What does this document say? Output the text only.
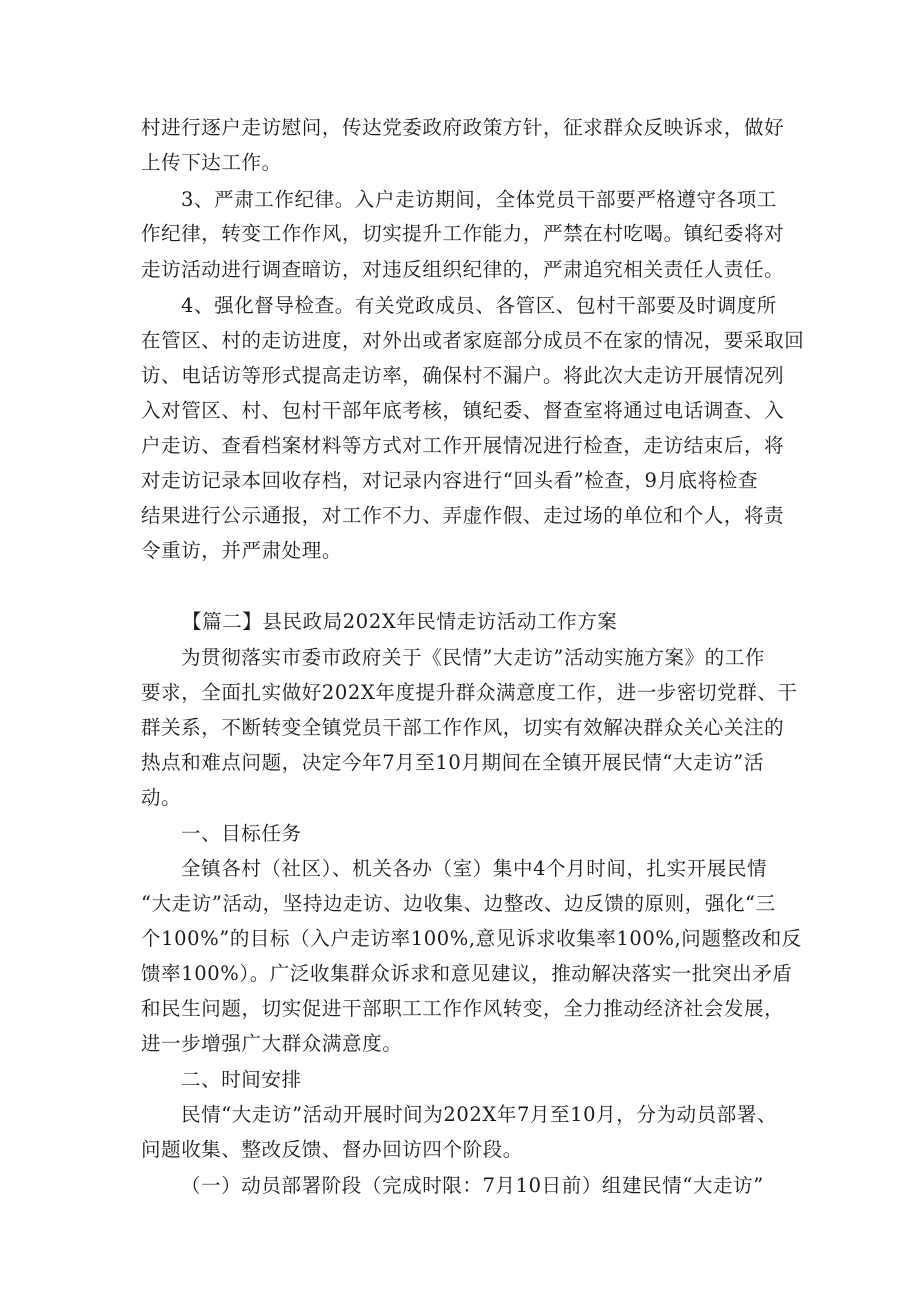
村进行逐户走访慰问，传达党委政府政策方针，征求群众反映诉求，做好

上传下达工作。

3、严肃工作纪律。入户走访期间，全体党员干部要严格遵守各项工

作纪律，转变工作作风，切实提升工作能力，严禁在村吃喝。镇纪委将对

走访活动进行调查暗访，对违反组织纪律的，严肃追究相关责任人责任。

4、强化督导检查。有关党政成员、各管区、包村干部要及时调度所

在管区、村的走访进度，对外出或者家庭部分成员不在家的情况，要采取回

访、电话访等形式提高走访率，确保村不漏户。将此次大走访开展情况列

入对管区、村、包村干部年底考核，镇纪委、督查室将通过电话调查、入

户走访、查看档案材料等方式对工作开展情况进行检查，走访结束后，将

对走访记录本回收存档，对记录内容进行“回头看”检查，9月底将检查

结果进行公示通报，对工作不力、弄虚作假、走过场的单位和个人，将责

令重访，并严肃处理。

【篇二】县民政局202X年民情走访活动工作方案

为贯彻落实市委市政府关于《民情”大走访”活动实施方案》的工作

要求，全面扎实做好202X年度提升群众满意度工作，进一步密切党群、干

群关系，不断转变全镇党员干部工作作风，切实有效解决群众关心关注的

热点和难点问题，决定今年7月至10月期间在全镇开展民情“大走访”活

动。

一、目标任务

全镇各村（社区）、机关各办（室）集中4个月时间，扎实开展民情

“大走访”活动，坚持边走访、边收集、边整改、边反馈的原则，强化“三

个100%”的目标（入户走访率100%,意见诉求收集率100%,问题整改和反

馈率100%）。广泛收集群众诉求和意见建议，推动解决落实一批突出矛盾

和民生问题，切实促进干部职工工作作风转变，全力推动经济社会发展，

进一步增强广大群众满意度。

二、时间安排

民情“大走访”活动开展时间为202X年7月至10月，分为动员部署、

问题收集、整改反馈、督办回访四个阶段。

（一）动员部署阶段（完成时限：7月10日前）组建民情“大走访”
